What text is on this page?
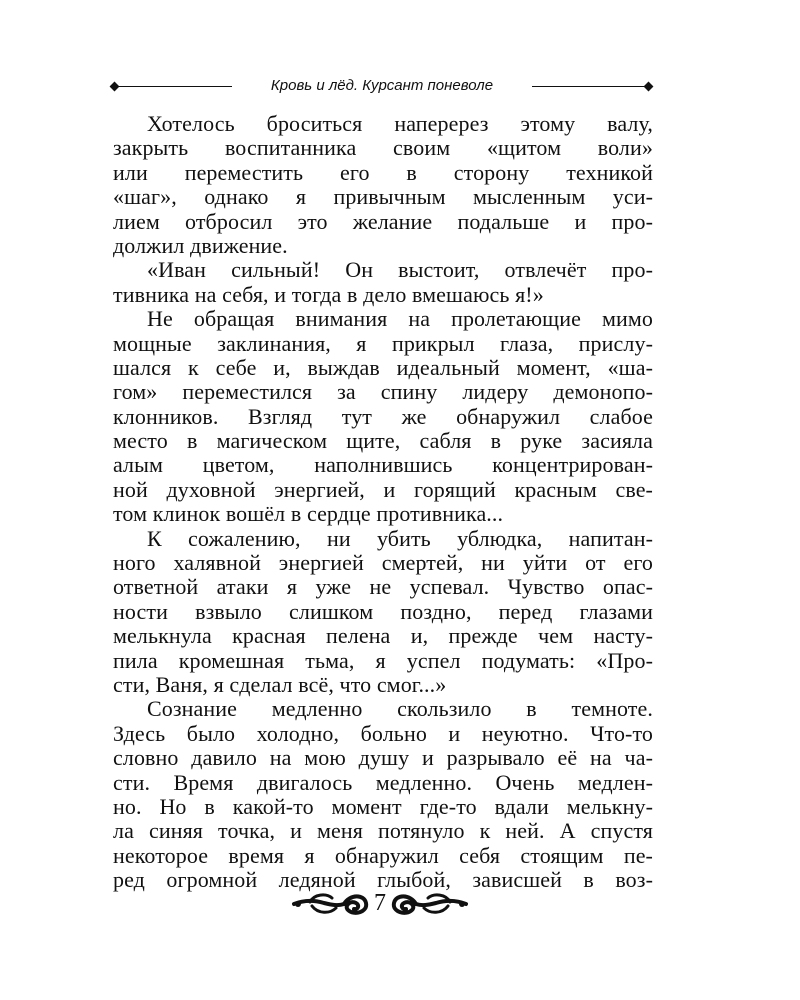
Кровь и лёд. Курсант поневоле
Хотелось броситься наперерез этому валу,
закрыть воспитанника своим «щитом воли»
или переместить его в сторону техникой
«шаг», однако я привычным мысленным уси-
лием отбросил это желание подальше и про-
должил движение.
«Иван сильный! Он выстоит, отвлечёт про-
тивника на себя, и тогда в дело вмешаюсь я!»
Не обращая внимания на пролетающие мимо
мощные заклинания, я прикрыл глаза, прислу-
шался к себе и, выждав идеальный момент, «ша-
гом» переместился за спину лидеру демонопо-
клонников. Взгляд тут же обнаружил слабое
место в магическом щите, сабля в руке засияла
алым цветом, наполнившись концентрирован-
ной духовной энергией, и горящий красным све-
том клинок вошёл в сердце противника...
К сожалению, ни убить ублюдка, напитан-
ного халявной энергией смертей, ни уйти от его
ответной атаки я уже не успевал. Чувство опас-
ности взвыло слишком поздно, перед глазами
мелькнула красная пелена и, прежде чем насту-
пила кромешная тьма, я успел подумать: «Про-
сти, Ваня, я сделал всё, что смог...»
Сознание медленно скользило в темноте.
Здесь было холодно, больно и неуютно. Что-то
словно давило на мою душу и разрывало её на ча-
сти. Время двигалось медленно. Очень медлен-
но. Но в какой-то момент где-то вдали мелькну-
ла синяя точка, и меня потянуло к ней. А спустя
некоторое время я обнаружил себя стоящим пе-
ред огромной ледяной глыбой, зависшей в воз-
7
